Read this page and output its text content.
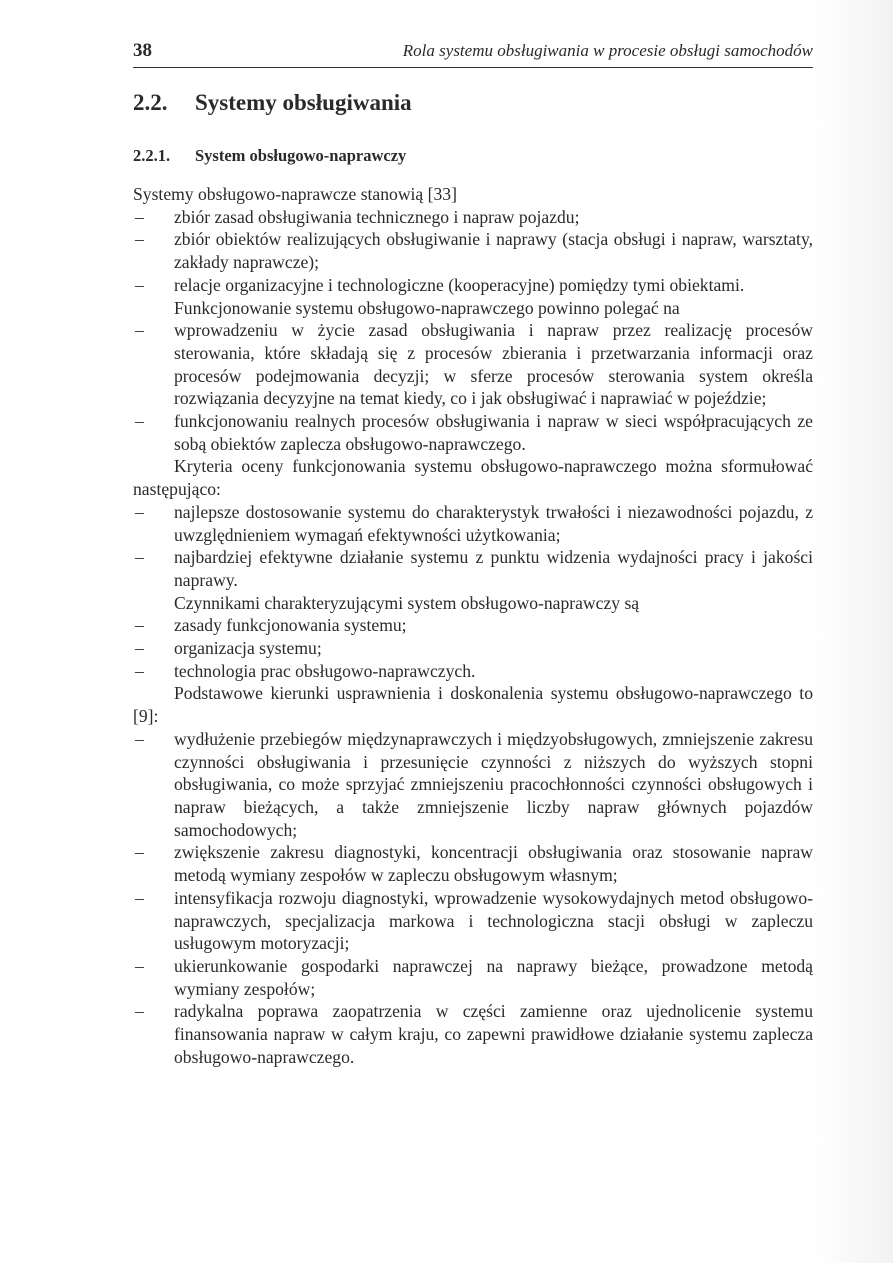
38	Rola systemu obsługiwania w procesie obsługi samochodów
2.2. Systemy obsługiwania
2.2.1. System obsługowo-naprawczy

Systemy obsługowo-naprawcze stanowią [33]

– zbiór zasad obsługiwania technicznego i napraw pojazdu;

– zbiór obiektów realizujących obsługiwanie i naprawy (stacja obsługi i napraw, warsztaty, zakłady naprawcze);

– relacje organizacyjne i technologiczne (kooperacyjne) pomiędzy tymi obiektami.

Funkcjonowanie systemu obsługowo-naprawczego powinno polegać na

– wprowadzeniu w życie zasad obsługiwania i napraw przez realizację procesów sterowania, które składają się z procesów zbierania i przetwarzania informacji oraz procesów podejmowania decyzji; w sferze procesów sterowania system określa rozwiązania decyzyjne na temat kiedy, co i jak obsługiwać i naprawiać w pojeździe;

– funkcjonowaniu realnych procesów obsługiwania i napraw w sieci współpracujących ze sobą obiektów zaplecza obsługowo-naprawczego.

Kryteria oceny funkcjonowania systemu obsługowo-naprawczego można sformułować następująco:

– najlepsze dostosowanie systemu do charakterystyk trwałości i niezawodności pojazdu, z uwzględnieniem wymagań efektywności użytkowania;

– najbardziej efektywne działanie systemu z punktu widzenia wydajności pracy i jakości naprawy.

Czynnikami charakteryzującymi system obsługowo-naprawczy są

– zasady funkcjonowania systemu;

– organizacja systemu;

– technologia prac obsługowo-naprawczych.

Podstawowe kierunki usprawnienia i doskonalenia systemu obsługowo-naprawczego to [9]:

– wydłużenie przebiegów międzynaprawczych i międzyobsługowych, zmniejszenie zakresu czynności obsługiwania i przesunięcie czynności z niższych do wyższych stopni obsługiwania, co może sprzyjać zmniejszeniu pracochłonności czynności obsługowych i napraw bieżących, a także zmniejszenie liczby napraw głównych pojazdów samochodowych;

– zwiększenie zakresu diagnostyki, koncentracji obsługiwania oraz stosowanie napraw metodą wymiany zespołów w zapleczu obsługowym własnym;

– intensyfikacja rozwoju diagnostyki, wprowadzenie wysokowydajnych metod obsługowo-naprawczych, specjalizacja markowa i technologiczna stacji obsługi w zapleczu usługowym motoryzacji;

– ukierunkowanie gospodarki naprawczej na naprawy bieżące, prowadzone metodą wymiany zespołów;

– radykalna poprawa zaopatrzenia w części zamienne oraz ujednolicenie systemu finansowania napraw w całym kraju, co zapewni prawidłowe działanie systemu zaplecza obsługowo-naprawczego.
